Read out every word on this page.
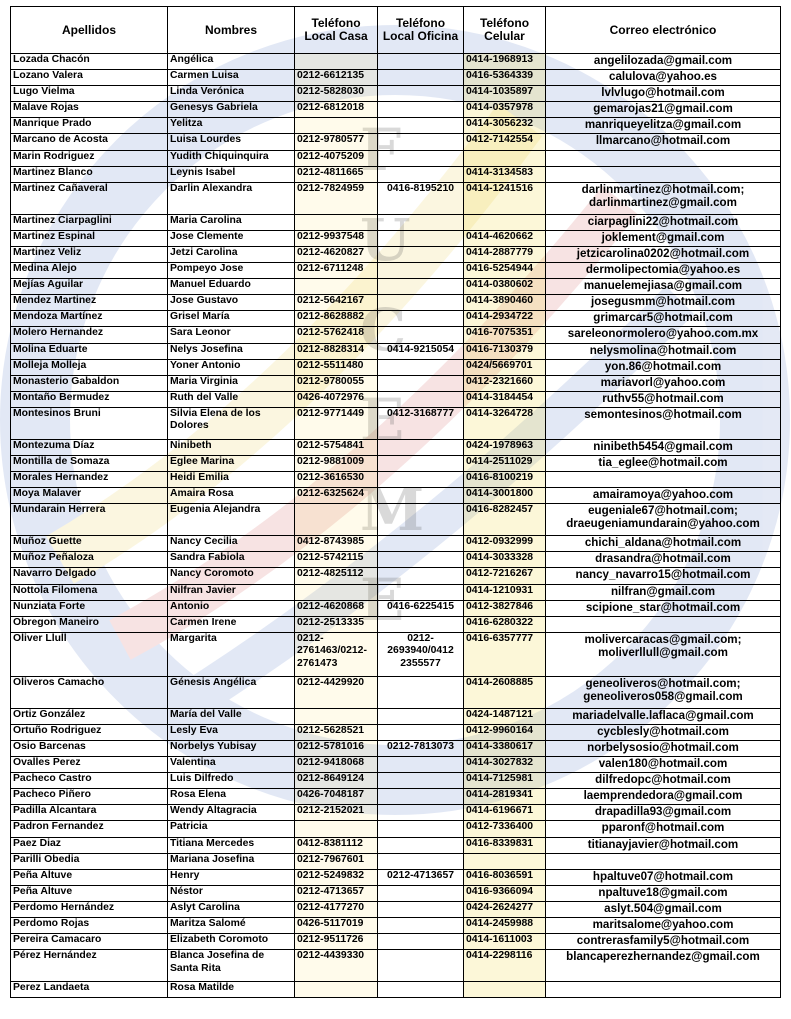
F
U
C
E
M
E
Apellidos	Nombres	Teléfono Local Casa	Teléfono Local Oficina	Teléfono Celular	Correo electrónico
Lozada Chacón	Angélica			0414-1968913	angelilozada@gmail.com
Lozano Valera	Carmen Luisa	0212-6612135		0416-5364339	calulova@yahoo.es
Lugo Vielma	Linda Verónica	0212-5828030		0414-1035897	lvlvlugo@hotmail.com
Malave Rojas	Genesys Gabriela	0212-6812018		0414-0357978	gemarojas21@gmail.com
Manrique Prado	Yelitza			0414-3056232	manriqueyelitza@gmail.com
Marcano de Acosta	Luisa Lourdes	0212-9780577		0412-7142554	llmarcano@hotmail.com
Marin Rodriguez	Yudith Chiquinquira	0212-4075209			
Martinez Blanco	Leynis Isabel	0212-4811665		0414-3134583	
Martinez Cañaveral	Darlin Alexandra	0212-7824959	0416-8195210	0414-1241516	darlinmartinez@hotmail.com; darlinmartinez@gmail.com
Martinez Ciarpaglini	Maria Carolina				ciarpaglini22@hotmail.com
Martinez Espinal	Jose Clemente	0212-9937548		0414-4620662	joklement@gmail.com
Martinez Veliz	Jetzi Carolina	0212-4620827		0414-2887779	jetzicarolina0202@hotmail.com
Medina Alejo	Pompeyo Jose	0212-6711248		0416-5254944	dermolipectomia@yahoo.es
Mejías Aguilar	Manuel Eduardo			0414-0380602	manuelemejiasa@gmail.com
Mendez Martinez	Jose Gustavo	0212-5642167		0414-3890460	josegusmm@hotmail.com
Mendoza Martínez	Grisel María	0212-8628882		0414-2934722	grimarcar5@hotmail.com
Molero Hernandez	Sara Leonor	0212-5762418		0416-7075351	sareleonormolero@yahoo.com.mx
Molina Eduarte	Nelys Josefina	0212-8828314	0414-9215054	0416-7130379	nelysmolina@hotmail.com
Molleja Molleja	Yoner Antonio	0212-5511480		0424/5669701	yon.86@hotmail.com
Monasterio Gabaldon	Maria Virginia	0212-9780055		0412-2321660	mariavorl@yahoo.com
Montaño Bermudez	Ruth del Valle	0426-4072976		0414-3184454	ruthv55@hotmail.com
Montesinos Bruni	Silvia Elena de los Dolores	0212-9771449	0412-3168777	0414-3264728	semontesinos@hotmail.com
Montezuma Díaz	Ninibeth	0212-5754841		0424-1978963	ninibeth5454@gmail.com
Montilla de Somaza	Eglee Marina	0212-9881009		0414-2511029	tia_eglee@hotmail.com
Morales Hernandez	Heidi Emilia	0212-3616530		0416-8100219	
Moya Malaver	Amaira Rosa	0212-6325624		0414-3001800	amairamoya@yahoo.com
Mundarain Herrera	Eugenia Alejandra			0416-8282457	eugeniale67@hotmail.com; draeugeniamundarain@yahoo.com
Muñoz Guette	Nancy Cecilia	0412-8743985		0412-0932999	chichi_aldana@hotmail.com
Muñoz Peñaloza	Sandra Fabiola	0212-5742115		0414-3033328	drasandra@hotmail.com
Navarro Delgado	Nancy Coromoto	0212-4825112		0412-7216267	nancy_navarro15@hotmail.com
Nottola Filomena	Nilfran Javier			0414-1210931	nilfran@gmail.com
Nunziata Forte	Antonio	0212-4620868	0416-6225415	0412-3827846	scipione_star@hotmail.com
Obregon Maneiro	Carmen Irene	0212-2513335		0416-6280322	
Oliver Llull	Margarita	0212-2761463/0212-2761473	0212-2693940/0412 2355577	0416-6357777	molivercaracas@gmail.com; moliverllull@gmail.com
Oliveros Camacho	Génesis Angélica	0212-4429920		0414-2608885	geneoliveros@hotmail.com; geneoliveros058@gmail.com
Ortiz González	María del Valle			0424-1487121	mariadelvalle.laflaca@gmail.com
Ortuño Rodriguez	Lesly Eva	0212-5628521		0412-9960164	cycblesly@hotmail.com
Osio Barcenas	Norbelys Yubisay	0212-5781016	0212-7813073	0414-3380617	norbelysosio@hotmail.com
Ovalles Perez	Valentina	0212-9418068		0414-3027832	valen180@hotmail.com
Pacheco Castro	Luis Dilfredo	0212-8649124		0414-7125981	dilfredopc@hotmail.com
Pacheco Piñero	Rosa Elena	0426-7048187		0414-2819341	laemprendedora@gmail.com
Padilla Alcantara	Wendy Altagracia	0212-2152021		0414-6196671	drapadilla93@gmail.com
Padron Fernandez	Patricia			0412-7336400	pparonf@hotmail.com
Paez Diaz	Titiana Mercedes	0412-8381112		0416-8339831	titianayjavier@hotmail.com
Parilli Obedia	Mariana Josefina	0212-7967601			
Peña Altuve	Henry	0212-5249832	0212-4713657	0416-8036591	hpaltuve07@hotmail.com
Peña Altuve	Néstor	0212-4713657		0416-9366094	npaltuve18@gmail.com
Perdomo Hernández	Aslyt Carolina	0212-4177270		0424-2624277	aslyt.504@gmail.com
Perdomo Rojas	Maritza Salomé	0426-5117019		0414-2459988	maritsalome@yahoo.com
Pereira Camacaro	Elizabeth Coromoto	0212-9511726		0414-1611003	contrerasfamily5@hotmail.com
Pérez Hernández	Blanca Josefina de Santa Rita	0212-4439330		0414-2298116	blancaperezhernandez@gmail.com
Perez Landaeta	Rosa Matilde				
